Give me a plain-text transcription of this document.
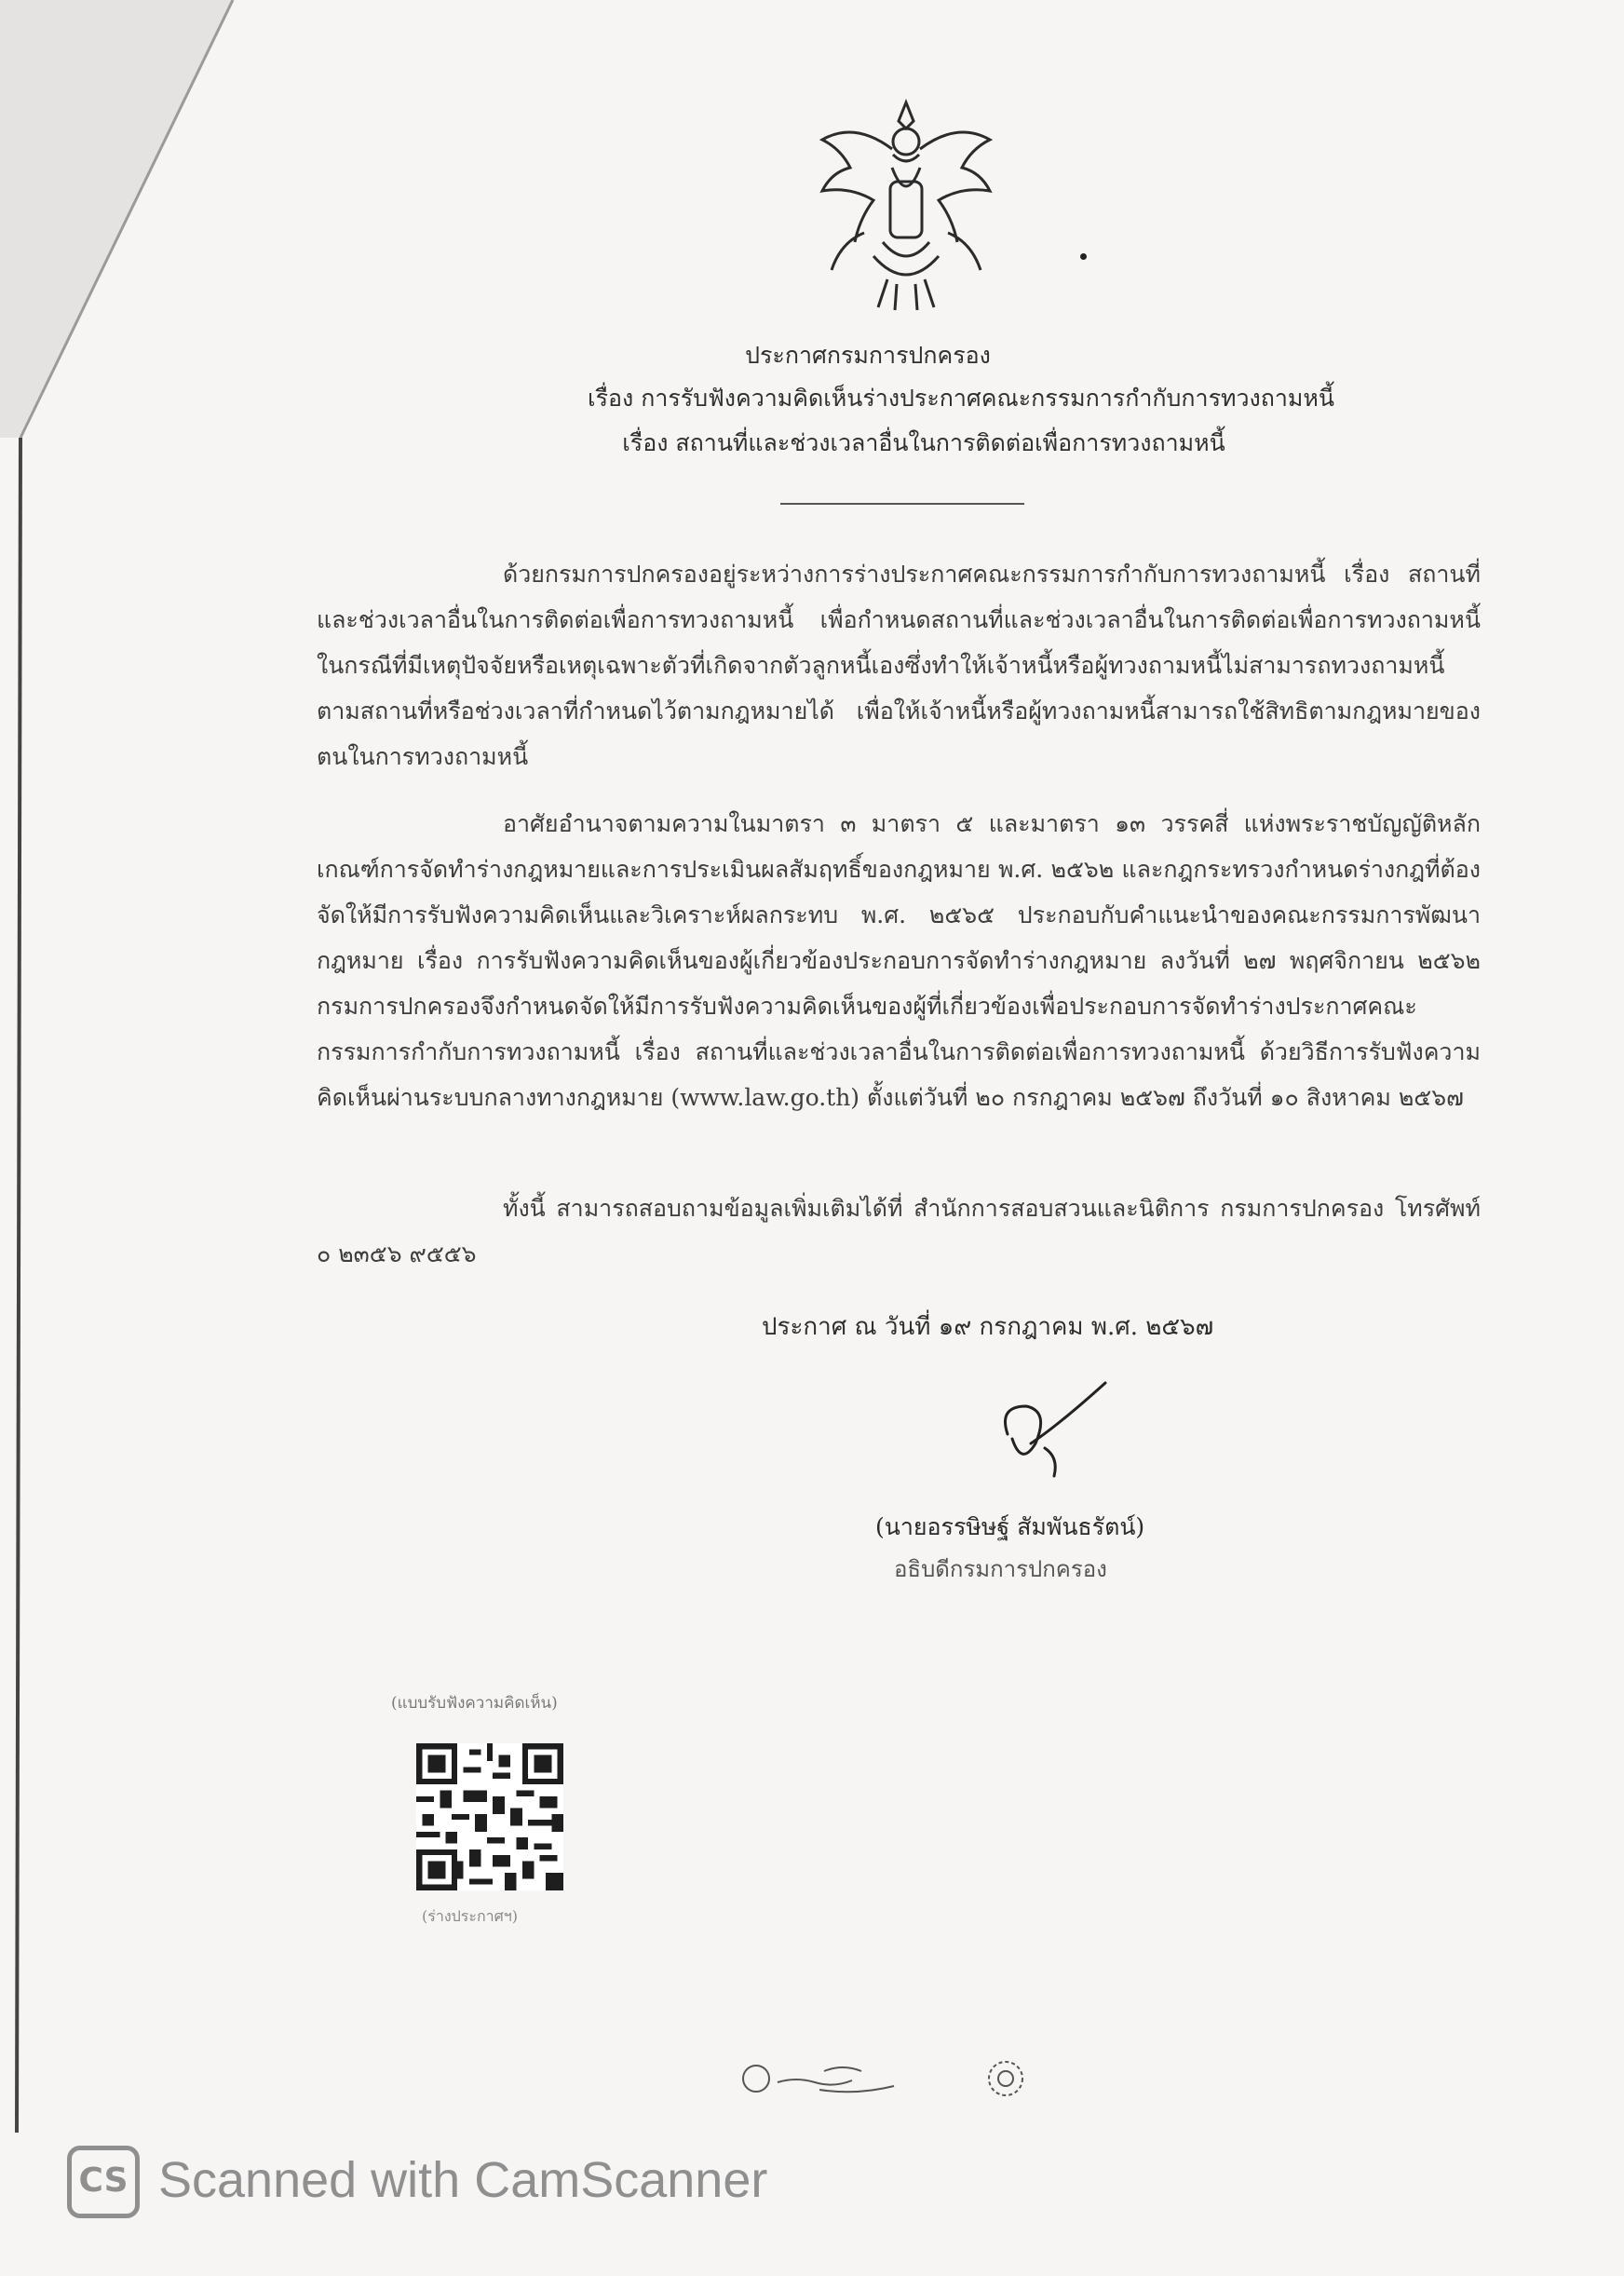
ประกาศกรมการปกครอง
เรื่อง การรับฟังความคิดเห็นร่างประกาศคณะกรรมการกำกับการทวงถามหนี้
เรื่อง สถานที่และช่วงเวลาอื่นในการติดต่อเพื่อการทวงถามหนี้
ด้วยกรมการปกครองอยู่ระหว่างการร่างประกาศคณะกรรมการกำกับการทวงถามหนี้ เรื่อง สถานที่และช่วงเวลาอื่นในการติดต่อเพื่อการทวงถามหนี้ เพื่อกำหนดสถานที่และช่วงเวลาอื่นในการติดต่อเพื่อการทวงถามหนี้ ในกรณีที่มีเหตุปัจจัยหรือเหตุเฉพาะตัวที่เกิดจากตัวลูกหนี้เองซึ่งทำให้เจ้าหนี้หรือผู้ทวงถามหนี้ไม่สามารถทวงถามหนี้ตามสถานที่หรือช่วงเวลาที่กำหนดไว้ตามกฎหมายได้ เพื่อให้เจ้าหนี้หรือผู้ทวงถามหนี้สามารถใช้สิทธิตามกฎหมายของตนในการทวงถามหนี้
อาศัยอำนาจตามความในมาตรา ๓ มาตรา ๕ และมาตรา ๑๓ วรรคสี่ แห่งพระราชบัญญัติหลักเกณฑ์การจัดทำร่างกฎหมายและการประเมินผลสัมฤทธิ์ของกฎหมาย พ.ศ. ๒๕๖๒ และกฎกระทรวงกำหนดร่างกฎที่ต้องจัดให้มีการรับฟังความคิดเห็นและวิเคราะห์ผลกระทบ พ.ศ. ๒๕๖๕ ประกอบกับคำแนะนำของคณะกรรมการพัฒนากฎหมาย เรื่อง การรับฟังความคิดเห็นของผู้เกี่ยวข้องประกอบการจัดทำร่างกฎหมาย ลงวันที่ ๒๗ พฤศจิกายน ๒๕๖๒ กรมการปกครองจึงกำหนดจัดให้มีการรับฟังความคิดเห็นของผู้ที่เกี่ยวข้องเพื่อประกอบการจัดทำร่างประกาศคณะกรรมการกำกับการทวงถามหนี้ เรื่อง สถานที่และช่วงเวลาอื่นในการติดต่อเพื่อการทวงถามหนี้ ด้วยวิธีการรับฟังความคิดเห็นผ่านระบบกลางทางกฎหมาย (www.law.go.th) ตั้งแต่วันที่ ๒๐ กรกฎาคม ๒๕๖๗ ถึงวันที่ ๑๐ สิงหาคม ๒๕๖๗
ทั้งนี้ สามารถสอบถามข้อมูลเพิ่มเติมได้ที่ สำนักการสอบสวนและนิติการ กรมการปกครอง โทรศัพท์ ๐ ๒๓๕๖ ๙๕๕๖
ประกาศ ณ วันที่ ๑๙ กรกฎาคม พ.ศ. ๒๕๖๗
(นายอรรษิษฐ์ สัมพันธรัตน์)
อธิบดีกรมการปกครอง
(แบบรับฟังความคิดเห็น)
(ร่างประกาศฯ)
CS Scanned with CamScanner
